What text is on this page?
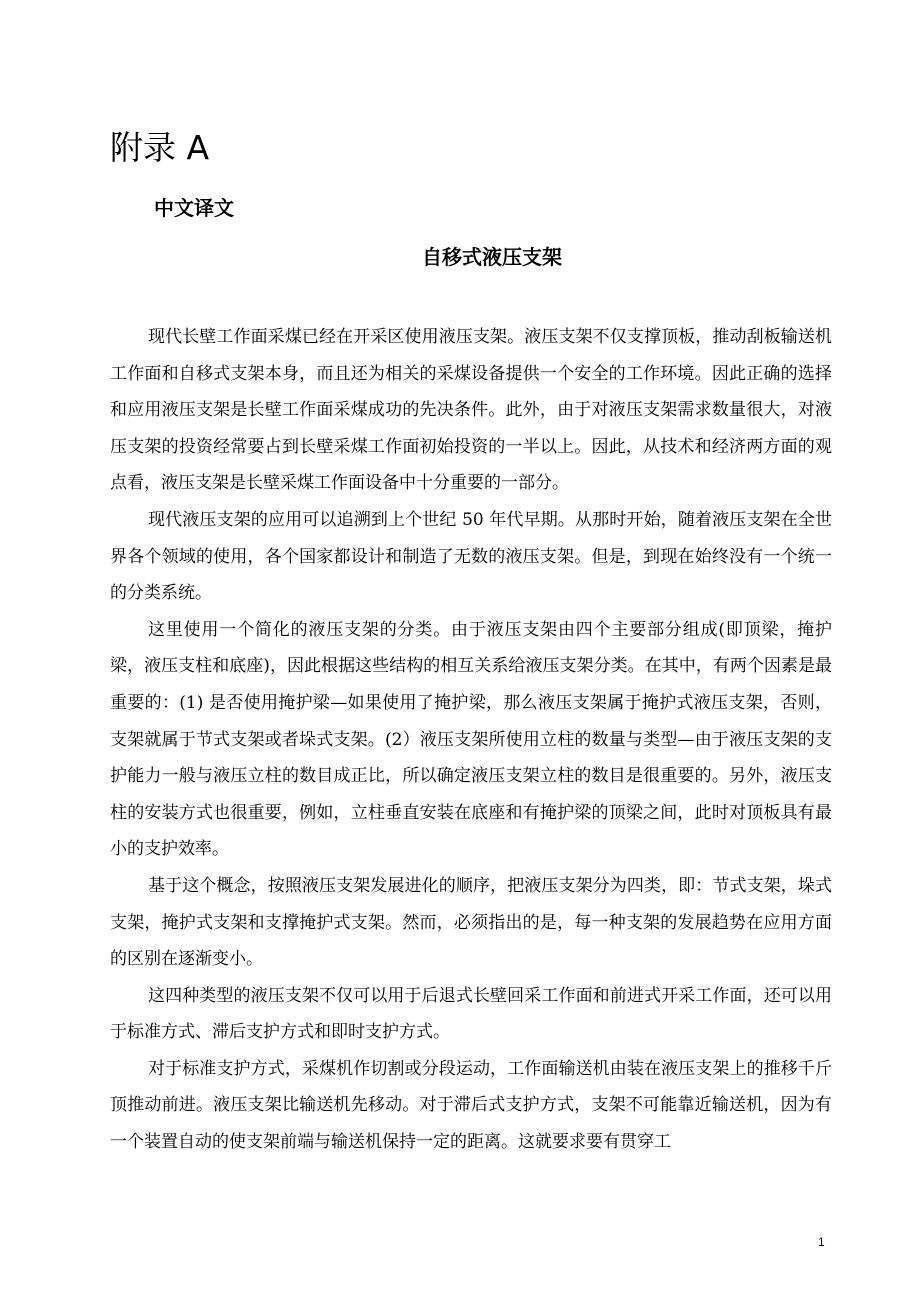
附录 A
中文译文
自移式液压支架

现代长壁工作面采煤已经在开采区使用液压支架。液压支架不仅支撑顶板，推动刮板输送机工作面和自移式支架本身，而且还为相关的采煤设备提供一个安全的工作环境。因此正确的选择和应用液压支架是长壁工作面采煤成功的先决条件。此外，由于对液压支架需求数量很大，对液压支架的投资经常要占到长壁采煤工作面初始投资的一半以上。因此，从技术和经济两方面的观点看，液压支架是长壁采煤工作面设备中十分重要的一部分。

现代液压支架的应用可以追溯到上个世纪 50 年代早期。从那时开始，随着液压支架在全世界各个领域的使用，各个国家都设计和制造了无数的液压支架。但是，到现在始终没有一个统一的分类系统。

这里使用一个简化的液压支架的分类。由于液压支架由四个主要部分组成(即顶梁，掩护梁，液压支柱和底座)，因此根据这些结构的相互关系给液压支架分类。在其中，有两个因素是最重要的：(1) 是否使用掩护梁—如果使用了掩护梁，那么液压支架属于掩护式液压支架，否则，支架就属于节式支架或者垛式支架。(2）液压支架所使用立柱的数量与类型—由于液压支架的支护能力一般与液压立柱的数目成正比，所以确定液压支架立柱的数目是很重要的。另外，液压支柱的安装方式也很重要，例如，立柱垂直安装在底座和有掩护梁的顶梁之间，此时对顶板具有最小的支护效率。

基于这个概念，按照液压支架发展进化的顺序，把液压支架分为四类，即：节式支架，垛式支架，掩护式支架和支撑掩护式支架。然而，必须指出的是，每一种支架的发展趋势在应用方面的区别在逐渐变小。

这四种类型的液压支架不仅可以用于后退式长壁回采工作面和前进式开采工作面，还可以用于标准方式、滞后支护方式和即时支护方式。

对于标准支护方式，采煤机作切割或分段运动，工作面输送机由装在液压支架上的推移千斤顶推动前进。液压支架比输送机先移动。对于滞后式支护方式，支架不可能靠近输送机，因为有一个装置自动的使支架前端与输送机保持一定的距离。这就要求要有贯穿工

1
